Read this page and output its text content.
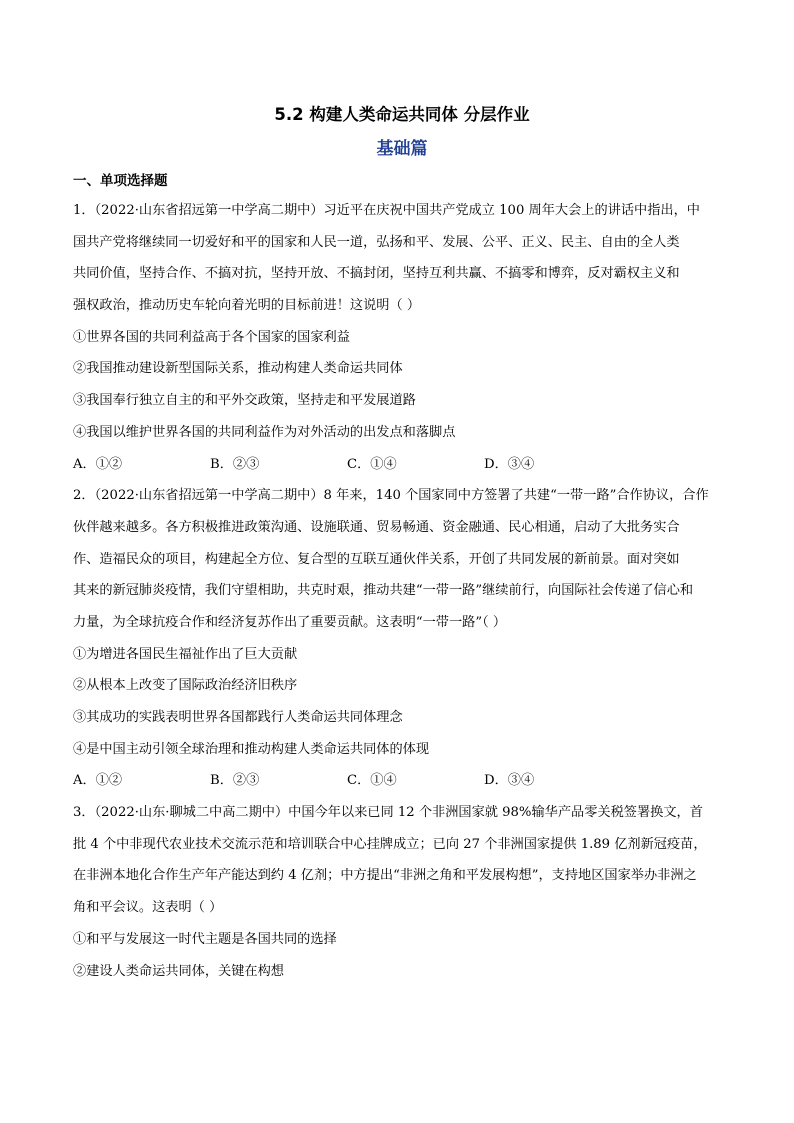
5.2 构建人类命运共同体 分层作业
基础篇
一、单项选择题
1．（2022·山东省招远第一中学高二期中）习近平在庆祝中国共产党成立 100 周年大会上的讲话中指出，中
国共产党将继续同一切爱好和平的国家和人民一道，弘扬和平、发展、公平、正义、民主、自由的全人类
共同价值，坚持合作、不搞对抗，坚持开放、不搞封闭，坚持互利共赢、不搞零和博弈，反对霸权主义和
强权政治，推动历史车轮向着光明的目标前进！这说明（ ）
①世界各国的共同利益高于各个国家的国家利益
②我国推动建设新型国际关系，推动构建人类命运共同体
③我国奉行独立自主的和平外交政策，坚持走和平发展道路
④我国以维护世界各国的共同利益作为对外活动的出发点和落脚点
A．①②	B．②③	C．①④	D．③④
2．（2022·山东省招远第一中学高二期中）8 年来，140 个国家同中方签署了共建“一带一路”合作协议，合作
伙伴越来越多。各方积极推进政策沟通、设施联通、贸易畅通、资金融通、民心相通，启动了大批务实合
作、造福民众的项目，构建起全方位、复合型的互联互通伙伴关系，开创了共同发展的新前景。面对突如
其来的新冠肺炎疫情，我们守望相助，共克时艰，推动共建“一带一路”继续前行，向国际社会传递了信心和
力量，为全球抗疫合作和经济复苏作出了重要贡献。这表明“一带一路”（ ）
①为增进各国民生福祉作出了巨大贡献
②从根本上改变了国际政治经济旧秩序
③其成功的实践表明世界各国都践行人类命运共同体理念
④是中国主动引领全球治理和推动构建人类命运共同体的体现
A．①②	B．②③	C．①④	D．③④
3．（2022·山东·聊城二中高二期中）中国今年以来已同 12 个非洲国家就 98%输华产品零关税签署换文，首
批 4 个中非现代农业技术交流示范和培训联合中心挂牌成立；已向 27 个非洲国家提供 1.89 亿剂新冠疫苗，
在非洲本地化合作生产年产能达到约 4 亿剂；中方提出“非洲之角和平发展构想”，支持地区国家举办非洲之
角和平会议。这表明（ ）
①和平与发展这一时代主题是各国共同的选择
②建设人类命运共同体，关键在构想
